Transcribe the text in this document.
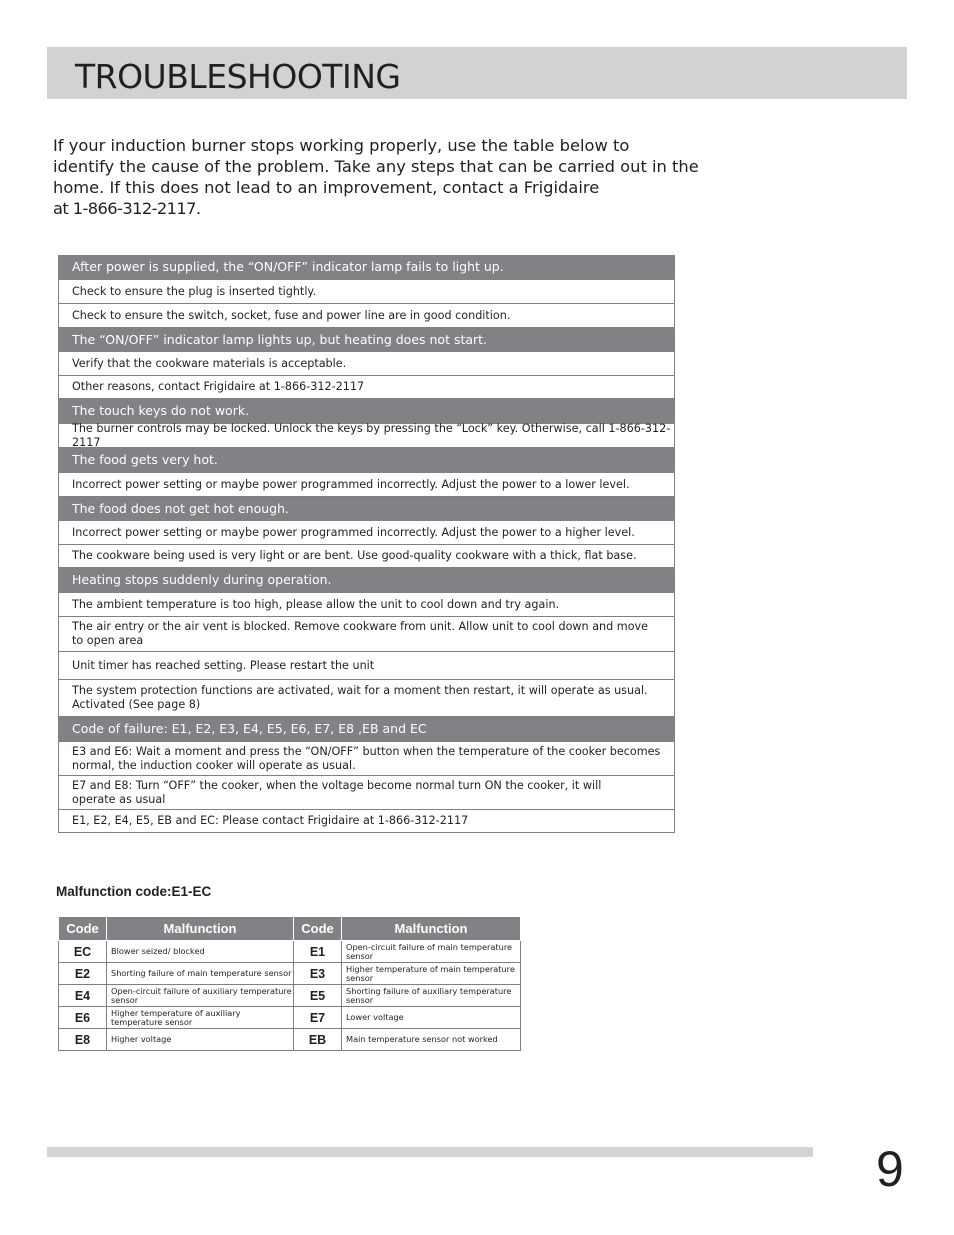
TROUBLESHOOTING
If your induction burner stops working properly, use the table below to
identify the cause of the problem. Take any steps that can be carried out in the
home. If this does not lead to an improvement, contact a Frigidaire
at 1-866-312-2117.
After power is supplied, the “ON/OFF” indicator lamp fails to light up.
Check to ensure the plug is inserted tightly.
Check to ensure the switch, socket, fuse and power line are in good condition.
The “ON/OFF” indicator lamp lights up, but heating does not start.
Verify that the cookware materials is acceptable.
Other reasons, contact Frigidaire at 1-866-312-2117
The touch keys do not work.
The burner controls may be locked. Unlock the keys by pressing the “Lock” key. Otherwise, call 1-866-312-2117
The food gets very hot.
Incorrect power setting or maybe power programmed incorrectly. Adjust the power to a lower level.
The food does not get hot enough.
Incorrect power setting or maybe power programmed incorrectly. Adjust the power to a higher level.
The cookware being used is very light or are bent. Use good-quality cookware with a thick, flat base.
Heating stops suddenly during operation.
The ambient temperature is too high, please allow the unit to cool down and try again.
The air entry or the air vent is blocked. Remove cookware from unit. Allow unit to cool down and move
to open area
Unit timer has reached setting. Please restart the unit
The system protection functions are activated, wait for a moment then restart, it will operate as usual.
Activated (See page 8)
Code of failure: E1, E2, E3, E4, E5, E6, E7, E8 ,EB and EC
E3 and E6: Wait a moment and press the “ON/OFF” button when the temperature of the cooker becomes
normal, the induction cooker will operate as usual.
E7 and E8: Turn “OFF” the cooker, when the voltage become normal turn ON the cooker, it will
operate as usual
E1, E2, E4, E5, EB and EC: Please contact Frigidaire at 1-866-312-2117
Malfunction code:E1-EC
Code	Malfunction	Code	Malfunction
EC	Blower seized/ blocked	E1	Open-circuit failure of main temperature sensor
E2	Shorting failure of main temperature sensor	E3	Higher temperature of main temperature sensor
E4	Open-circuit failure of auxiliary temperature sensor	E5	Shorting failure of auxiliary temperature sensor
E6	Higher temperature of auxiliary temperature sensor	E7	Lower voltage
E8	Higher voltage	EB	Main temperature sensor not worked
9
